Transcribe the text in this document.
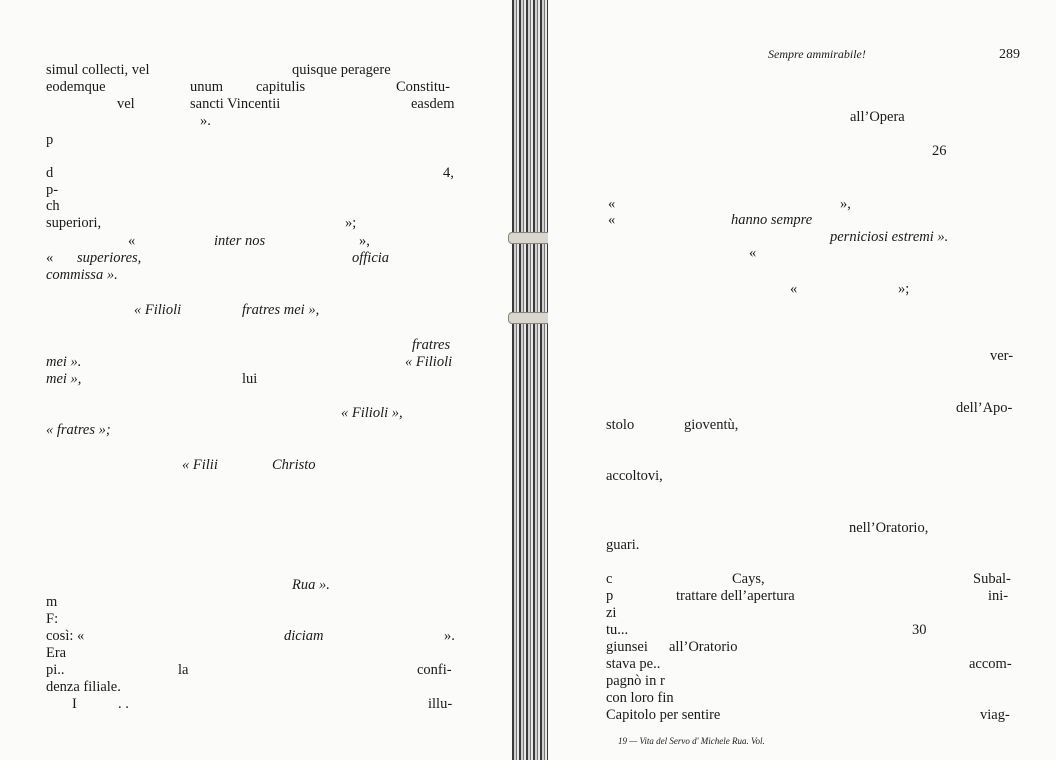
simul collecti, vel	quisque peragere
eodemque	unum capitulis	Constitu-
vel	sancti Vincentii	easdem
».
p
d	4,
p-
ch
superiori,	»;
«	inter nos	»,
« superiores,	officia
commissa ».
« Filioli	fratres mei »,
fratres
mei ».	« Filioli
mei »,	lui
« Filioli »,
« fratres »;
« Filii	Christo
Rua ».
m
F:
così: «	diciam	».
Era
pi..	la	confi-
denza filiale.
I	. .	illu-
Sempre ammirabile!	289
all’Opera
26
«	»,
«	hanno sempre
perniciosi estremi ».
«
«	»;
ver-
dell’Apo-
stolo	gioventù,
accoltovi,
nell’Oratorio,
guari.
c	Cays,	Subal-
p	trattare dell’apertura	ini-
zi
tu...	30
giunsei all’Oratorio
stava pe..	accom-
pagnò in r
con loro fin
Capitolo per sentire	viag-
19 — Vita del Servo d' Michele Rua. Vol.
